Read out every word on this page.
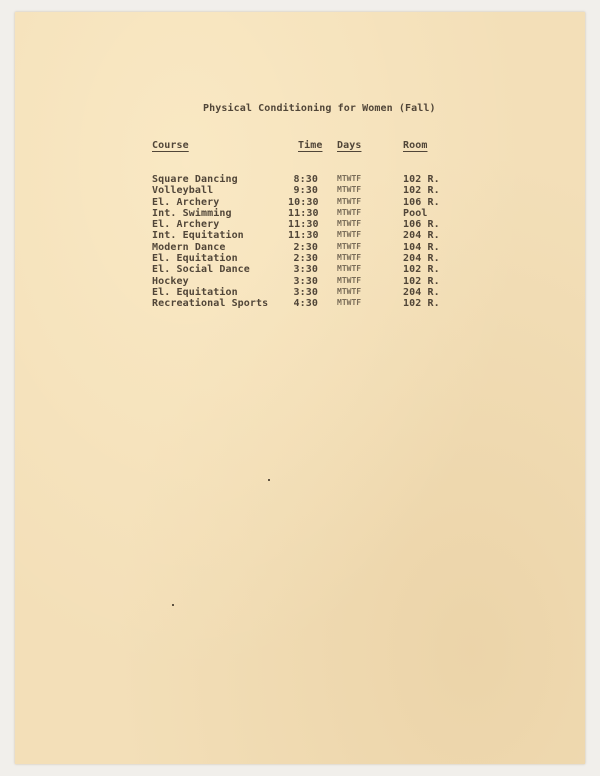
Physical Conditioning for Women (Fall)
Course	Time Days	Room
Square Dancing	8:30 MTWTF	102 R.
Volleyball	9:30 MTWTF	102 R.
El. Archery	10:30 MTWTF	106 R.
Int. Swimming	11:30 MTWTF	Pool
El. Archery	11:30 MTWTF	106 R.
Int. Equitation	11:30 MTWTF	204 R.
Modern Dance	2:30 MTWTF	104 R.
El. Equitation	2:30 MTWTF	204 R.
El. Social Dance	3:30 MTWTF	102 R.
Hockey	3:30 MTWTF	102 R.
El. Equitation	3:30 MTWTF	204 R.
Recreational Sports	4:30 MTWTF	102 R.
